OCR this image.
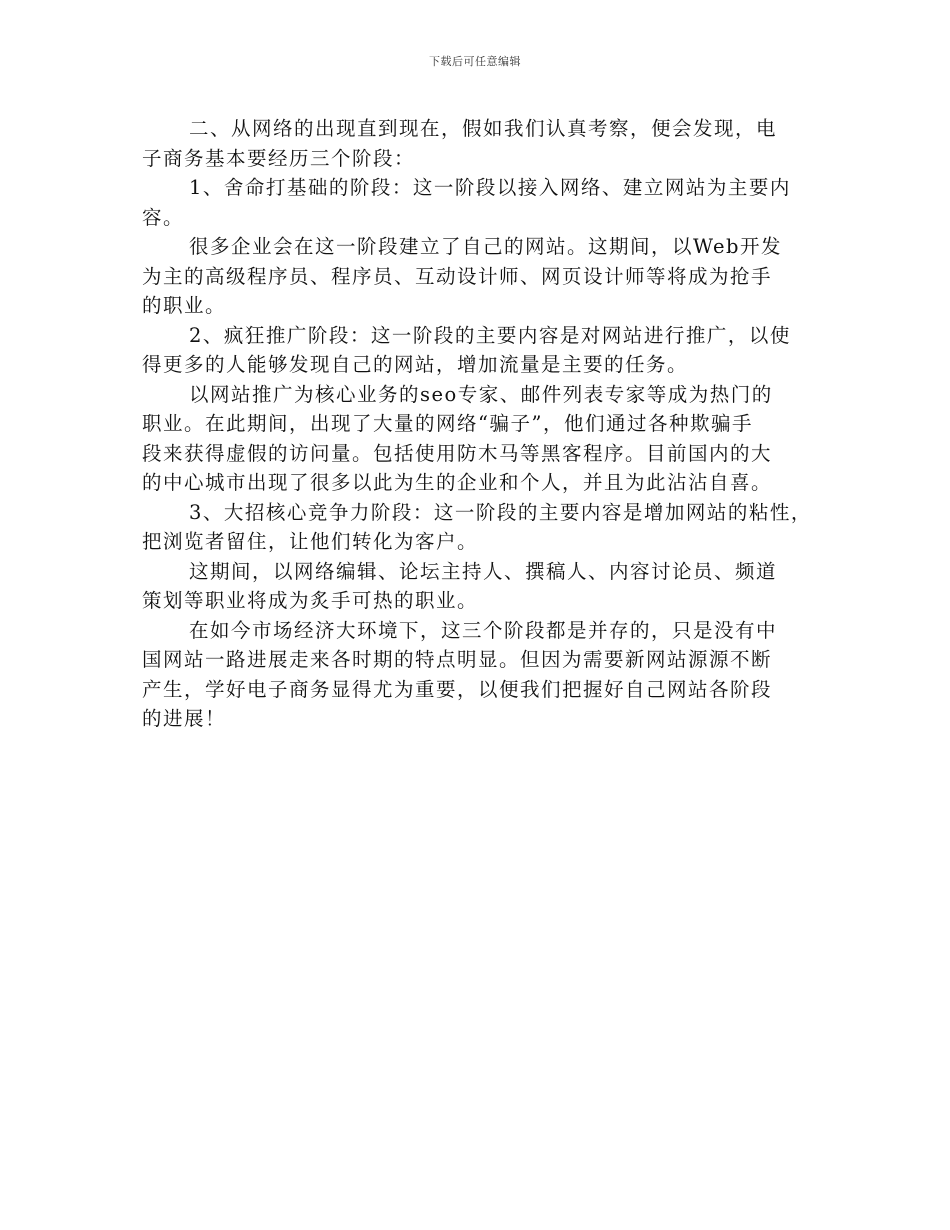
下载后可任意编辑

二、从网络的出现直到现在，假如我们认真考察，便会发现，电
子商务基本要经历三个阶段：

1、舍命打基础的阶段：这一阶段以接入网络、建立网站为主要内
容。

很多企业会在这一阶段建立了自己的网站。这期间，以Web开发
为主的高级程序员、程序员、互动设计师、网页设计师等将成为抢手
的职业。

2、疯狂推广阶段：这一阶段的主要内容是对网站进行推广，以使
得更多的人能够发现自己的网站，增加流量是主要的任务。

以网站推广为核心业务的seo专家、邮件列表专家等成为热门的
职业。在此期间，出现了大量的网络“骗子”，他们通过各种欺骗手
段来获得虚假的访问量。包括使用防木马等黑客程序。目前国内的大
的中心城市出现了很多以此为生的企业和个人，并且为此沾沾自喜。

3、大招核心竞争力阶段：这一阶段的主要内容是增加网站的粘性，
把浏览者留住，让他们转化为客户。

这期间，以网络编辑、论坛主持人、撰稿人、内容讨论员、频道
策划等职业将成为炙手可热的职业。

在如今市场经济大环境下，这三个阶段都是并存的，只是没有中
国网站一路进展走来各时期的特点明显。但因为需要新网站源源不断
产生，学好电子商务显得尤为重要，以便我们把握好自己网站各阶段
的进展！
